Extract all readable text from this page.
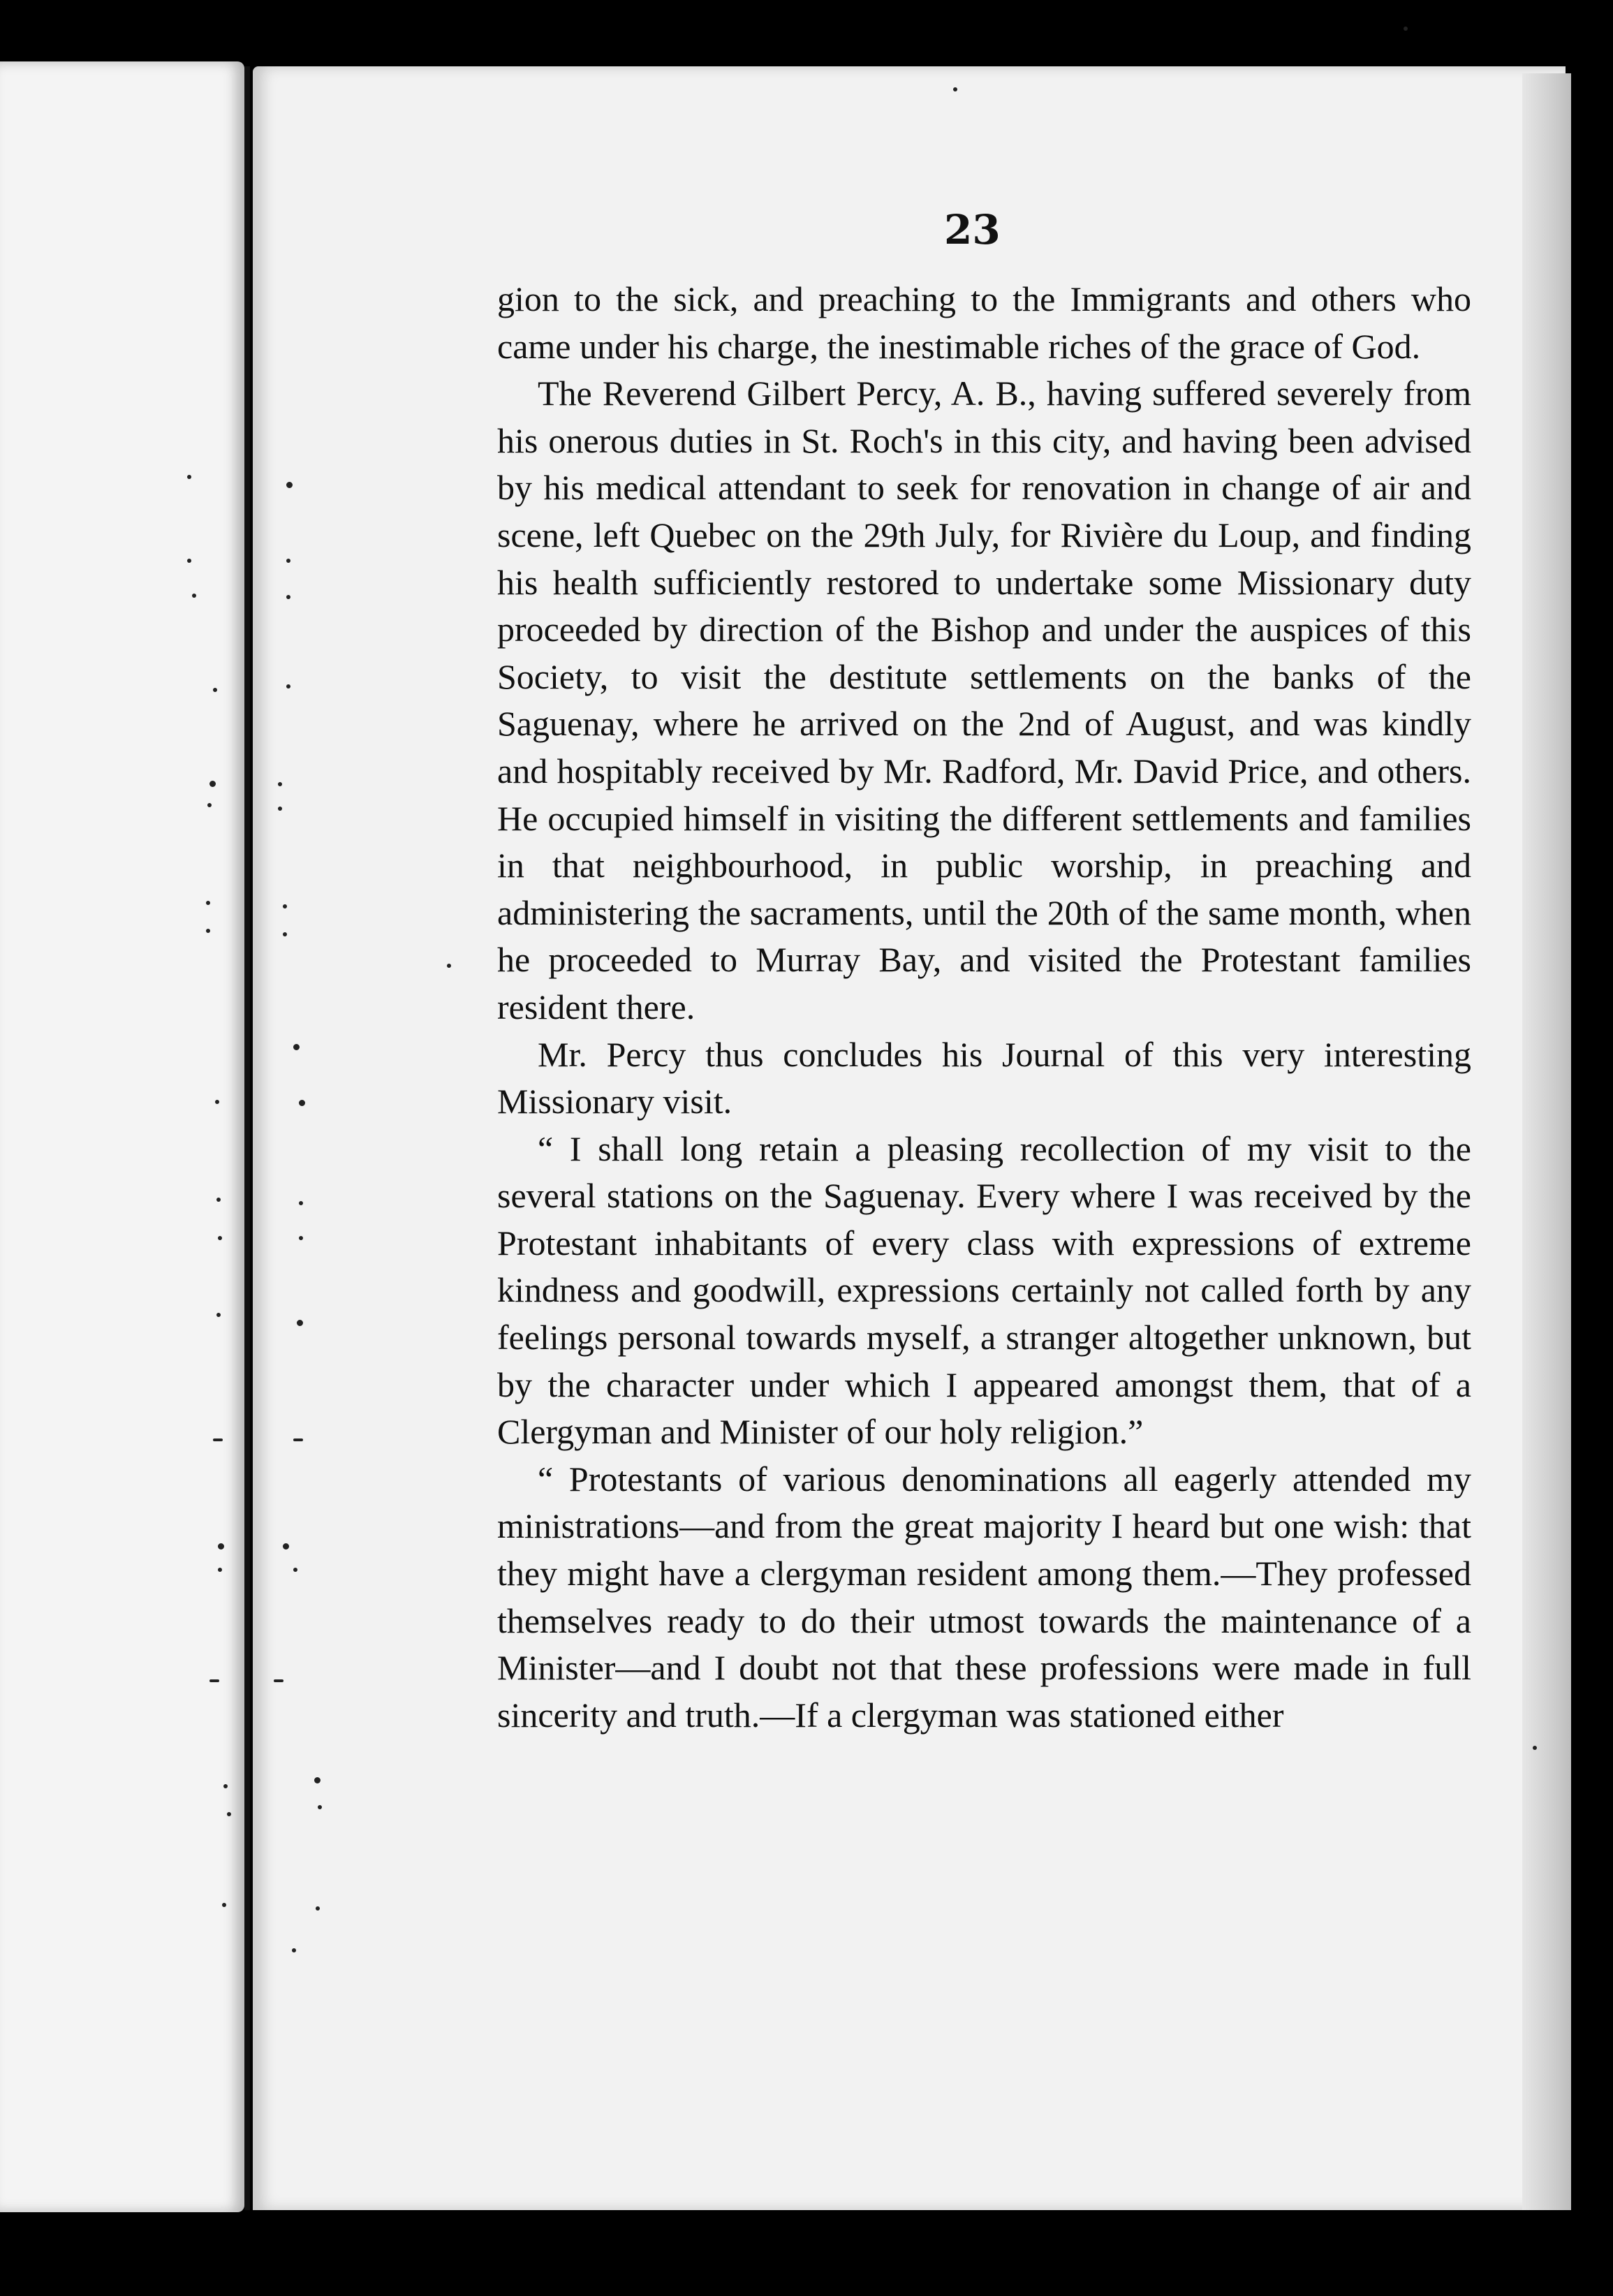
23

gion to the sick, and preaching to the Immigrants and others who came under his charge, the inestimable riches of the grace of God.

The Reverend Gilbert Percy, A. B., having suffered severely from his onerous duties in St. Roch's in this city, and having been advised by his medical attendant to seek for renovation in change of air and scene, left Quebec on the 29th July, for Rivière du Loup, and finding his health sufficiently restored to undertake some Missionary duty proceeded by direction of the Bishop and under the auspices of this Society, to visit the destitute settlements on the banks of the Saguenay, where he arrived on the 2nd of August, and was kindly and hospitably received by Mr. Radford, Mr. David Price, and others. He occupied himself in visiting the different settlements and families in that neighbourhood, in public worship, in preaching and administering the sacraments, until the 20th of the same month, when he proceeded to Murray Bay, and visited the Protestant families resident there.

Mr. Percy thus concludes his Journal of this very interesting Missionary visit.

“ I shall long retain a pleasing recollection of my visit to the several stations on the Saguenay. Every where I was received by the Protestant inhabitants of every class with expressions of extreme kindness and goodwill, expressions certainly not called forth by any feelings personal towards myself, a stranger altogether unknown, but by the character under which I appeared amongst them, that of a Clergyman and Minister of our holy religion.”

“ Protestants of various denominations all eagerly attended my ministrations—and from the great majority I heard but one wish: that they might have a clergyman resident among them.—They professed themselves ready to do their utmost towards the maintenance of a Minister—and I doubt not that these professions were made in full sincerity and truth.—If a clergyman was stationed either
